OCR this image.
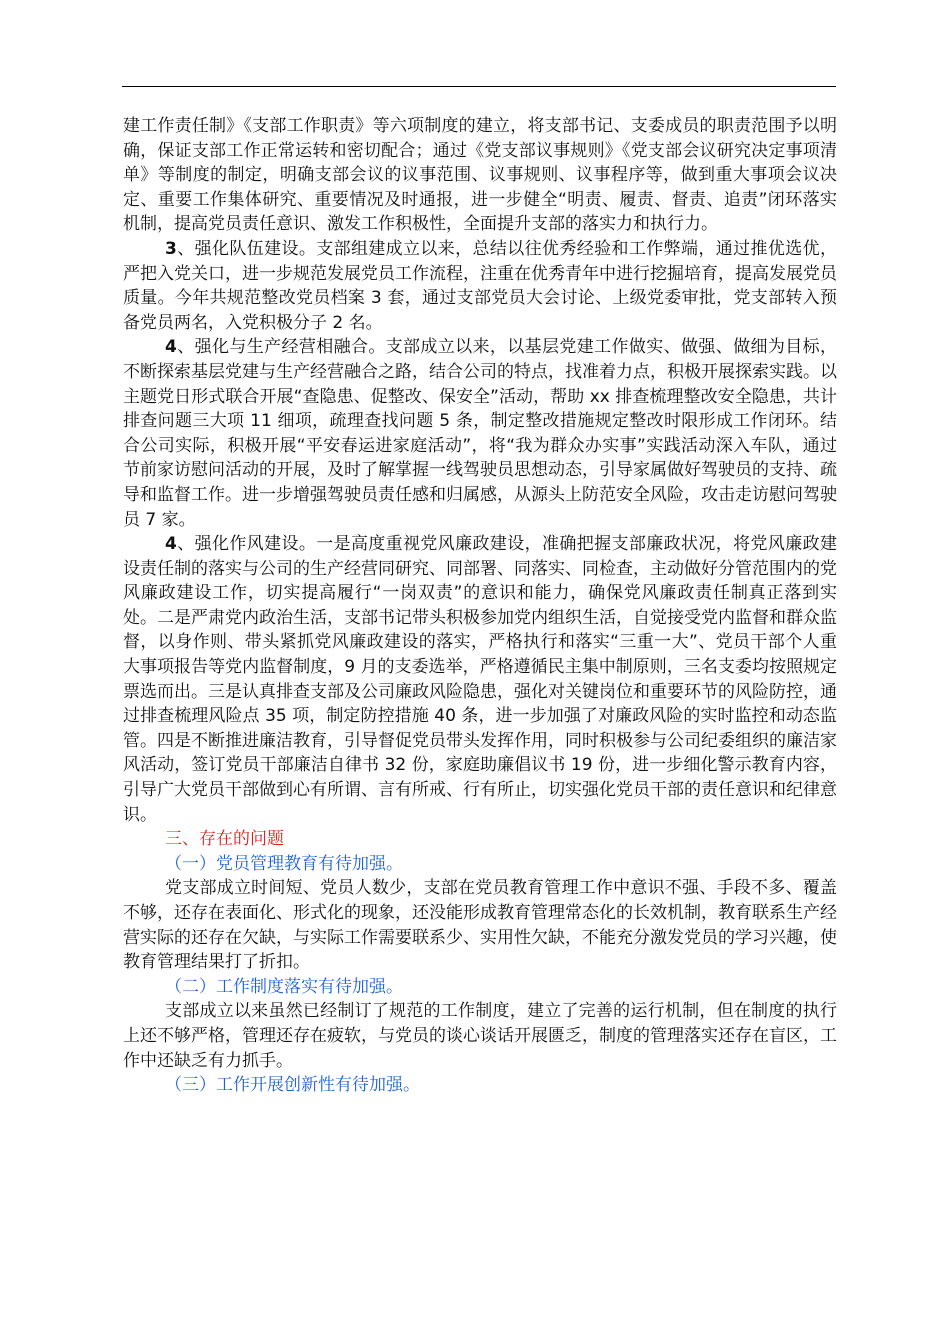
建工作责任制》《支部工作职责》等六项制度的建立，将支部书记、支委成员的职责范围予以明确，保证支部工作正常运转和密切配合；通过《党支部议事规则》《党支部会议研究决定事项清单》等制度的制定，明确支部会议的议事范围、议事规则、议事程序等，做到重大事项会议决定、重要工作集体研究、重要情况及时通报，进一步健全“明责、履责、督责、追责”闭环落实机制，提高党员责任意识、激发工作积极性，全面提升支部的落实力和执行力。

3、强化队伍建设。支部组建成立以来，总结以往优秀经验和工作弊端，通过推优选优，严把入党关口，进一步规范发展党员工作流程，注重在优秀青年中进行挖掘培育，提高发展党员质量。今年共规范整改党员档案 3 套，通过支部党员大会讨论、上级党委审批，党支部转入预备党员两名，入党积极分子 2 名。

4、强化与生产经营相融合。支部成立以来，以基层党建工作做实、做强、做细为目标，不断探索基层党建与生产经营融合之路，结合公司的特点，找准着力点，积极开展探索实践。以主题党日形式联合开展“查隐患、促整改、保安全”活动，帮助 xx 排查梳理整改安全隐患，共计排查问题三大项 11 细项，疏理查找问题 5 条，制定整改措施规定整改时限形成工作闭环。结合公司实际，积极开展“平安春运进家庭活动”，将“我为群众办实事”实践活动深入车队，通过节前家访慰问活动的开展，及时了解掌握一线驾驶员思想动态，引导家属做好驾驶员的支持、疏导和监督工作。进一步增强驾驶员责任感和归属感，从源头上防范安全风险，攻击走访慰问驾驶员 7 家。

4、强化作风建设。一是高度重视党风廉政建设，准确把握支部廉政状况，将党风廉政建设责任制的落实与公司的生产经营同研究、同部署、同落实、同检查，主动做好分管范围内的党风廉政建设工作，切实提高履行“一岗双责”的意识和能力，确保党风廉政责任制真正落到实处。二是严肃党内政治生活，支部书记带头积极参加党内组织生活，自觉接受党内监督和群众监督，以身作则、带头紧抓党风廉政建设的落实，严格执行和落实“三重一大”、党员干部个人重大事项报告等党内监督制度，9 月的支委选举，严格遵循民主集中制原则，三名支委均按照规定票选而出。三是认真排查支部及公司廉政风险隐患，强化对关键岗位和重要环节的风险防控，通过排查梳理风险点 35 项，制定防控措施 40 条，进一步加强了对廉政风险的实时监控和动态监管。四是不断推进廉洁教育，引导督促党员带头发挥作用，同时积极参与公司纪委组织的廉洁家风活动，签订党员干部廉洁自律书 32 份，家庭助廉倡议书 19 份，进一步细化警示教育内容，引导广大党员干部做到心有所谓、言有所戒、行有所止，切实强化党员干部的责任意识和纪律意识。

三、存在的问题

（一）党员管理教育有待加强。

党支部成立时间短、党员人数少，支部在党员教育管理工作中意识不强、手段不多、覆盖不够，还存在表面化、形式化的现象，还没能形成教育管理常态化的长效机制，教育联系生产经营实际的还存在欠缺，与实际工作需要联系少、实用性欠缺，不能充分激发党员的学习兴趣，使教育管理结果打了折扣。

（二）工作制度落实有待加强。

支部成立以来虽然已经制订了规范的工作制度，建立了完善的运行机制，但在制度的执行上还不够严格，管理还存在疲软，与党员的谈心谈话开展匮乏，制度的管理落实还存在盲区，工作中还缺乏有力抓手。

（三）工作开展创新性有待加强。
